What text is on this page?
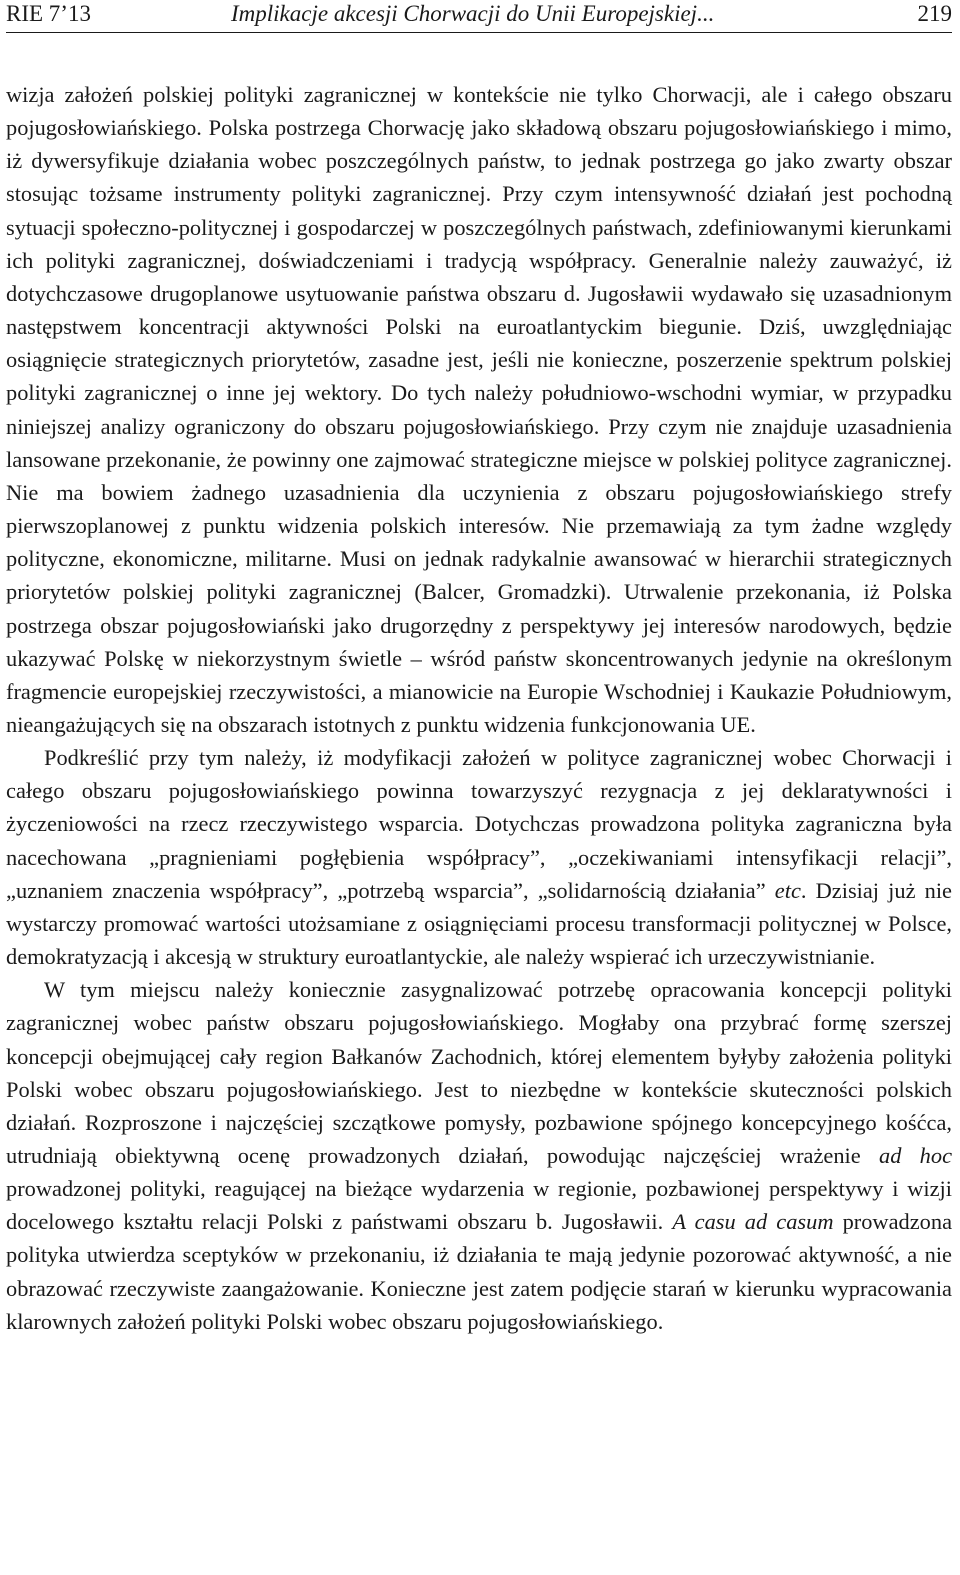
RIE 7’13	Implikacje akcesji Chorwacji do Unii Europejskiej...	219

wizja założeń polskiej polityki zagranicznej w kontekście nie tylko Chorwacji, ale i całego obszaru pojugosłowiańskiego. Polska postrzega Chorwację jako składową obszaru pojugosłowiańskiego i mimo, iż dywersyfikuje działania wobec poszczególnych państw, to jednak postrzega go jako zwarty obszar stosując tożsame instrumenty polityki zagranicznej. Przy czym intensywność działań jest pochodną sytuacji społeczno-politycznej i gospodarczej w poszczególnych państwach, zdefiniowanymi kierunkami ich polityki zagranicznej, doświadczeniami i tradycją współpracy. Generalnie należy zauważyć, iż dotychczasowe drugoplanowe usytuowanie państwa obszaru d. Jugosławii wydawało się uzasadnionym następstwem koncentracji aktywności Polski na euroatlantyckim biegunie. Dziś, uwzględniając osiągnięcie strategicznych priorytetów, zasadne jest, jeśli nie konieczne, poszerzenie spektrum polskiej polityki zagranicznej o inne jej wektory. Do tych należy południowo-wschodni wymiar, w przypadku niniejszej analizy ograniczony do obszaru pojugosłowiańskiego. Przy czym nie znajduje uzasadnienia lansowane przekonanie, że powinny one zajmować strategiczne miejsce w polskiej polityce zagranicznej. Nie ma bowiem żadnego uzasadnienia dla uczynienia z obszaru pojugosłowiańskiego strefy pierwszoplanowej z punktu widzenia polskich interesów. Nie przemawiają za tym żadne względy polityczne, ekonomiczne, militarne. Musi on jednak radykalnie awansować w hierarchii strategicznych priorytetów polskiej polityki zagranicznej (Balcer, Gromadzki). Utrwalenie przekonania, iż Polska postrzega obszar pojugosłowiański jako drugorzędny z perspektywy jej interesów narodowych, będzie ukazywać Polskę w niekorzystnym świetle – wśród państw skoncentrowanych jedynie na określonym fragmencie europejskiej rzeczywistości, a mianowicie na Europie Wschodniej i Kaukazie Południowym, nieangażujących się na obszarach istotnych z punktu widzenia funkcjonowania UE.

Podkreślić przy tym należy, iż modyfikacji założeń w polityce zagranicznej wobec Chorwacji i całego obszaru pojugosłowiańskiego powinna towarzyszyć rezygnacja z jej deklaratywności i życzeniowości na rzecz rzeczywistego wsparcia. Dotychczas prowadzona polityka zagraniczna była nacechowana „pragnieniami pogłębienia współpracy”, „oczekiwaniami intensyfikacji relacji”, „uznaniem znaczenia współpracy”, „potrzebą wsparcia”, „solidarnością działania” etc. Dzisiaj już nie wystarczy promować wartości utożsamiane z osiągnięciami procesu transformacji politycznej w Polsce, demokratyzacją i akcesją w struktury euroatlantyckie, ale należy wspierać ich urzeczywistnianie.

W tym miejscu należy koniecznie zasygnalizować potrzebę opracowania koncepcji polityki zagranicznej wobec państw obszaru pojugosłowiańskiego. Mogłaby ona przybrać formę szerszej koncepcji obejmującej cały region Bałkanów Zachodnich, której elementem byłyby założenia polityki Polski wobec obszaru pojugosłowiańskiego. Jest to niezbędne w kontekście skuteczności polskich działań. Rozproszone i najczęściej szczątkowe pomysły, pozbawione spójnego koncepcyjnego kośćca, utrudniają obiektywną ocenę prowadzonych działań, powodując najczęściej wrażenie ad hoc prowadzonej polityki, reagującej na bieżące wydarzenia w regionie, pozbawionej perspektywy i wizji docelowego kształtu relacji Polski z państwami obszaru b. Jugosławii. A casu ad casum prowadzona polityka utwierdza sceptyków w przekonaniu, iż działania te mają jedynie pozorować aktywność, a nie obrazować rzeczywiste zaangażowanie. Konieczne jest zatem podjęcie starań w kierunku wypracowania klarownych założeń polityki Polski wobec obszaru pojugosłowiańskiego.
